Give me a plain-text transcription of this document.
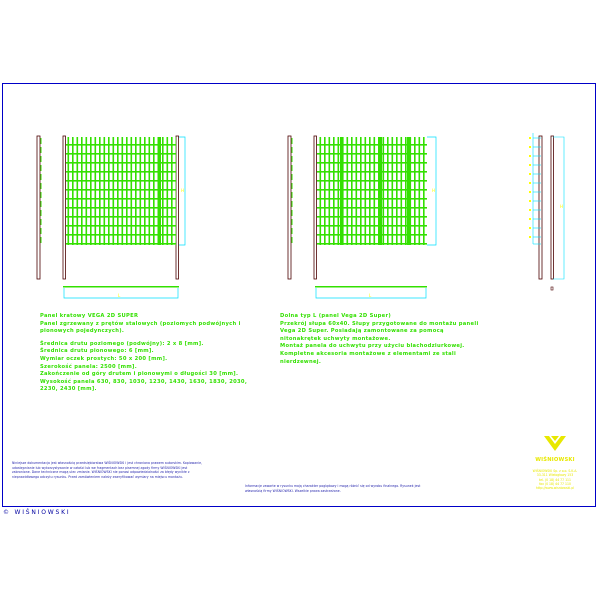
H
L
H
L
H
Panel kratowy VEGA 2D SUPER

Panel zgrzewany z prętów stalowych (poziomych podwójnych i pionowych pojedynczych).

Średnica drutu poziomego (podwójny): 2 x 8 [mm].

Średnica drutu pionowego: 6 [mm].

Wymiar oczek prostych: 50 x 200 [mm].

Szerokość panela: 2500 [mm].

Zakończenie od góry drutem i pionowymi o długości 30 [mm].

Wysokość panela 630, 830, 1030, 1230, 1430, 1630, 1830, 2030, 2230, 2430 [mm].

Dolna typ L (panel Vega 2D Super)

Przekrój słupa 60x40. Słupy przygotowane do montażu paneli Vega 2D Super. Posiadają zamontowane za pomocą nitonakrętek uchwyty montażowe.

Montaż panela do uchwytu przy użyciu blachodziurkowej.

Kompletne akcesoria montażowe z elementami ze stali nierdzewnej.

Niniejsze dokumentacja jest własnością przedsiębiorstwa WIŚNIOWSKI i jest chroniona prawem autorskim. Kopiowanie, udostępnianie lub wykorzystywanie w całości lub we fragmentach bez pisemnej zgody firmy WIŚNIOWSKI jest zabronione. Dane techniczne mogą ulec zmianie. WIŚNIOWSKI nie ponosi odpowiedzialności za błędy wynikłe z nieprawidłowego odczytu rysunku. Przed zamówieniem należy zweryfikować wymiary na miejscu montażu.
Informacje zawarte w rysunku mają charakter poglądowy i mogą różnić się od wyrobu finalnego. Rysunek jest własnością firmy WIŚNIOWSKI. Wszelkie prawa zastrzeżone.
WIŚNIOWSKI
WIŚNIOWSKI Sp. z o.o. S.K.A.
33-311 Wielogłowy 153
tel. (0 18) 44 77 111
fax (0 18) 44 77 110
http://www.wisniowski.pl
© WIŚNIOWSKI
